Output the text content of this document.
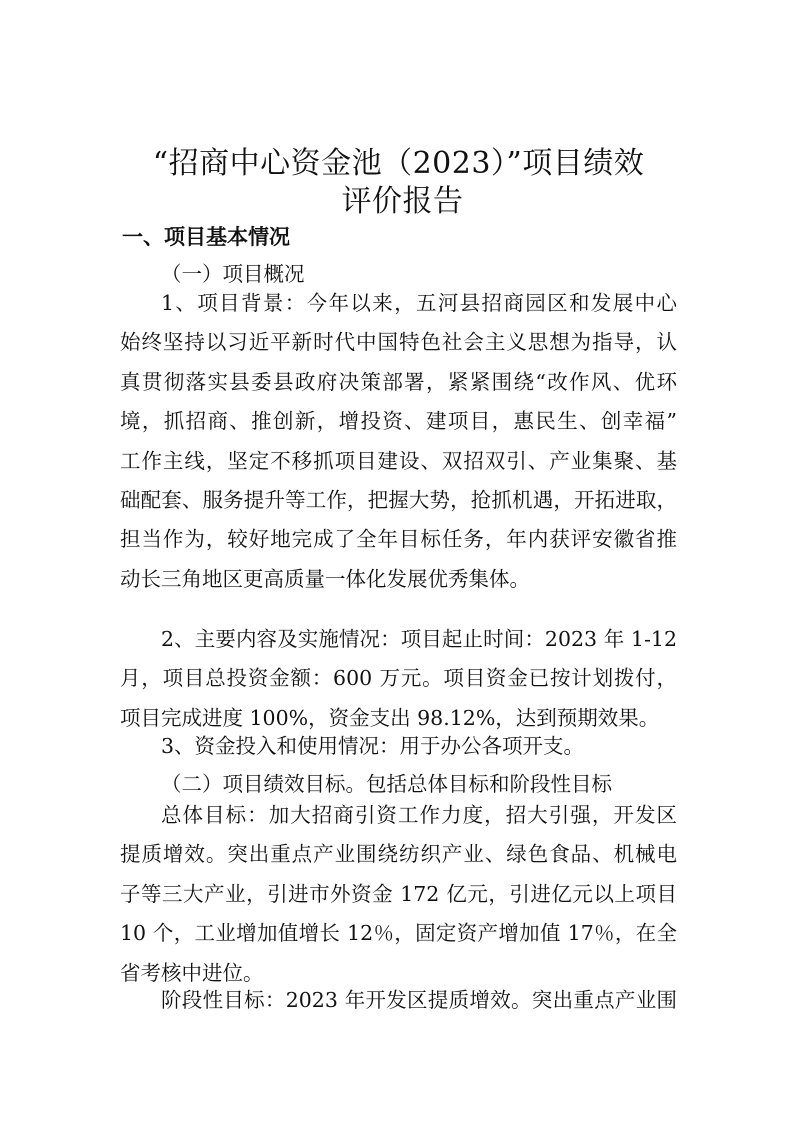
“招商中心资金池（2023）”项目绩效
评价报告
一、项目基本情况
（一）项目概况
1、项目背景：今年以来，五河县招商园区和发展中心
始终坚持以习近平新时代中国特色社会主义思想为指导，认
真贯彻落实县委县政府决策部署，紧紧围绕“改作风、优环
境，抓招商、推创新，增投资、建项目，惠民生、创幸福”
工作主线，坚定不移抓项目建设、双招双引、产业集聚、基
础配套、服务提升等工作，把握大势，抢抓机遇，开拓进取，
担当作为，较好地完成了全年目标任务，年内获评安徽省推
动长三角地区更高质量一体化发展优秀集体。
2、主要内容及实施情况：项目起止时间：2023 年 1-12
月，项目总投资金额：600 万元。项目资金已按计划拨付，
项目完成进度 100%，资金支出 98.12%，达到预期效果。
3、资金投入和使用情况：用于办公各项开支。
（二）项目绩效目标。包括总体目标和阶段性目标
总体目标：加大招商引资工作力度，招大引强，开发区
提质增效。突出重点产业围绕纺织产业、绿色食品、机械电
子等三大产业，引进市外资金 172 亿元，引进亿元以上项目
10 个，工业增加值增长 12％，固定资产增加值 17％，在全
省考核中进位。
阶段性目标：2023 年开发区提质增效。突出重点产业围
